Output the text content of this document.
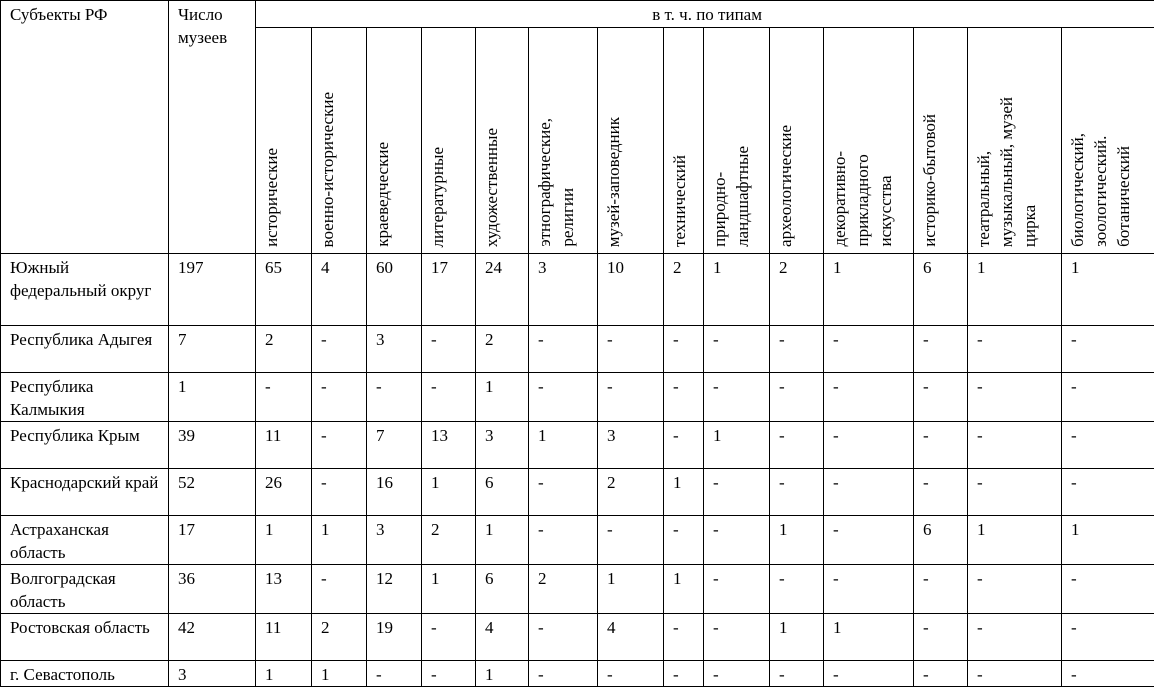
Субъекты РФ	Число музеев	в т. ч. по типам													

		исторические	военно-исторические	краеведческие	литературные	художественные	этнографические,
религии	музей-заповедник	технический	природно-
ландшафтные	археологические	декоративно-
прикладного
искусства	историко-бытовой	театральный,
музыкальный, музей
цирка	биологический,
зоологический.
ботанический

Южный федеральный округ	197	65	4	60	17	24	3	10	2	1	2	1	6	1	1
Республика Адыгея	7	2	-	3	-	2	-	-	-	-	-	-	-	-	-
Республика Калмыкия	1	-	-	-	-	1	-	-	-	-	-	-	-	-	-
Республика Крым	39	11	-	7	13	3	1	3	-	1	-	-	-	-	-
Краснодарский край	52	26	-	16	1	6	-	2	1	-	-	-	-	-	-
Астраханская область	17	1	1	3	2	1	-	-	-	-	1	-	6	1	1
Волгоградская область	36	13	-	12	1	6	2	1	1	-	-	-	-	-	-
Ростовская область	42	11	2	19	-	4	-	4	-	-	1	1	-	-	-
г. Севастополь	3	1	1	-	-	1	-	-	-	-	-	-	-	-	-
